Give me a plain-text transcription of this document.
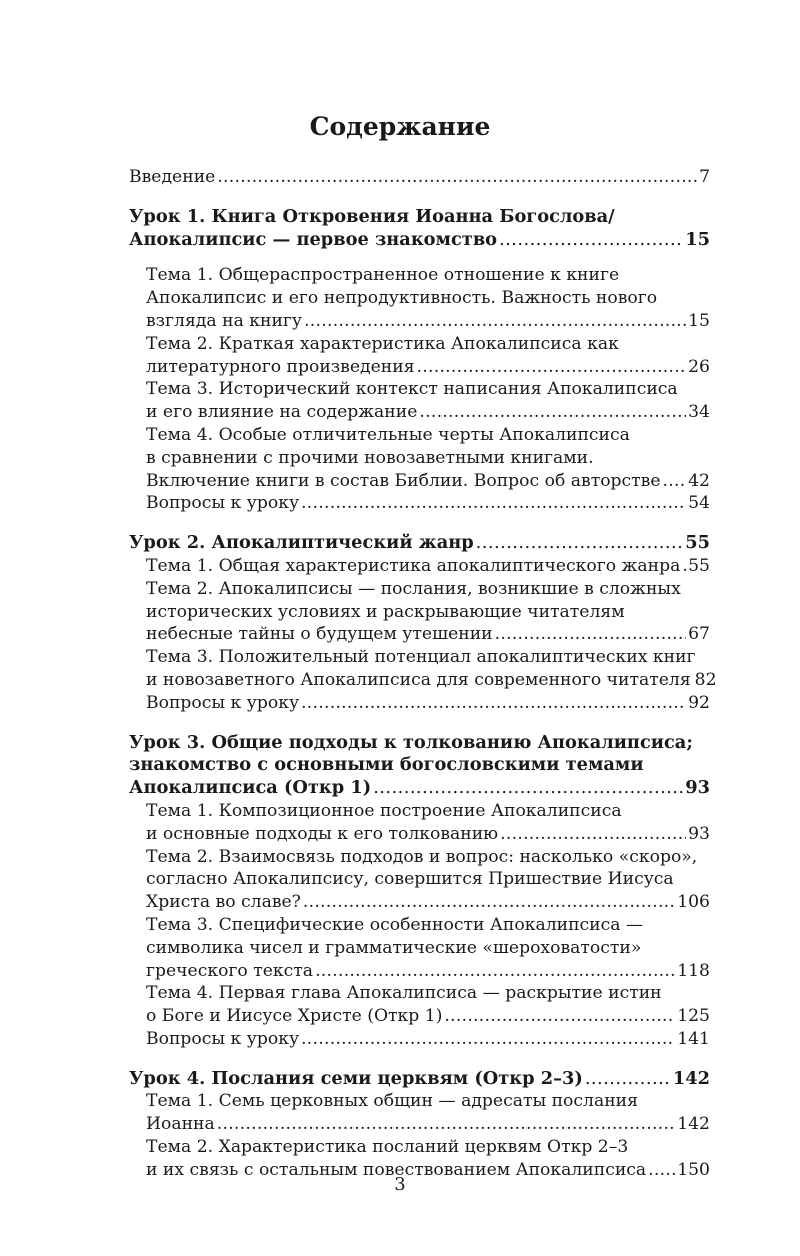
Содержание
Введение . . .	7
Урок 1. Книга Откровения Иоанна Богослова/
Апокалипсис — первое знакомство . . .	15
Тема 1. Общераспространенное отношение к книге
Апокалипсис и его непродуктивность. Важность нового
взгляда на книгу . . .	15
Тема 2. Краткая характеристика Апокалипсиса как
литературного произведения . . .	26
Тема 3. Исторический контекст написания Апокалипсиса
и его влияние на содержание . . .	34
Тема 4. Особые отличительные черты Апокалипсиса
в сравнении с прочими новозаветными книгами.
Включение книги в состав Библии. Вопрос об авторстве . . . 42
Вопросы к уроку . . .	54
Урок 2. Апокалиптический жанр . . .	55
Тема 1. Общая характеристика апокалиптического жанра . . . 55
Тема 2. Апокалипсисы — послания, возникшие в сложных
исторических условиях и раскрывающие читателям
небесные тайны о будущем утешении . . .	67
Тема 3. Положительный потенциал апокалиптических книг
и новозаветного Апокалипсиса для современного читателя 82
Вопросы к уроку . . .	92
Урок 3. Общие подходы к толкованию Апокалипсиса;
знакомство с основными богословскими темами
Апокалипсиса (Откр 1) . . .	93
Тема 1. Композиционное построение Апокалипсиса
и основные подходы к его толкованию . . .	93
Тема 2. Взаимосвязь подходов и вопрос: насколько «скоро»,
согласно Апокалипсису, совершится Пришествие Иисуса
Христа во славе? . . .	106
Тема 3. Специфические особенности Апокалипсиса —
символика чисел и грамматические «шероховатости»
греческого текста . . .	118
Тема 4. Первая глава Апокалипсиса — раскрытие истин
о Боге и Иисусе Христе (Откр 1) . . .	125
Вопросы к уроку . . .	141
Урок 4. Послания семи церквям (Откр 2–3) . . .	142
Тема 1. Семь церковных общин — адресаты послания
Иоанна . . .	142
Тема 2. Характеристика посланий церквям Откр 2–3
и их связь с остальным повествованием Апокалипсиса . . . 150
3
